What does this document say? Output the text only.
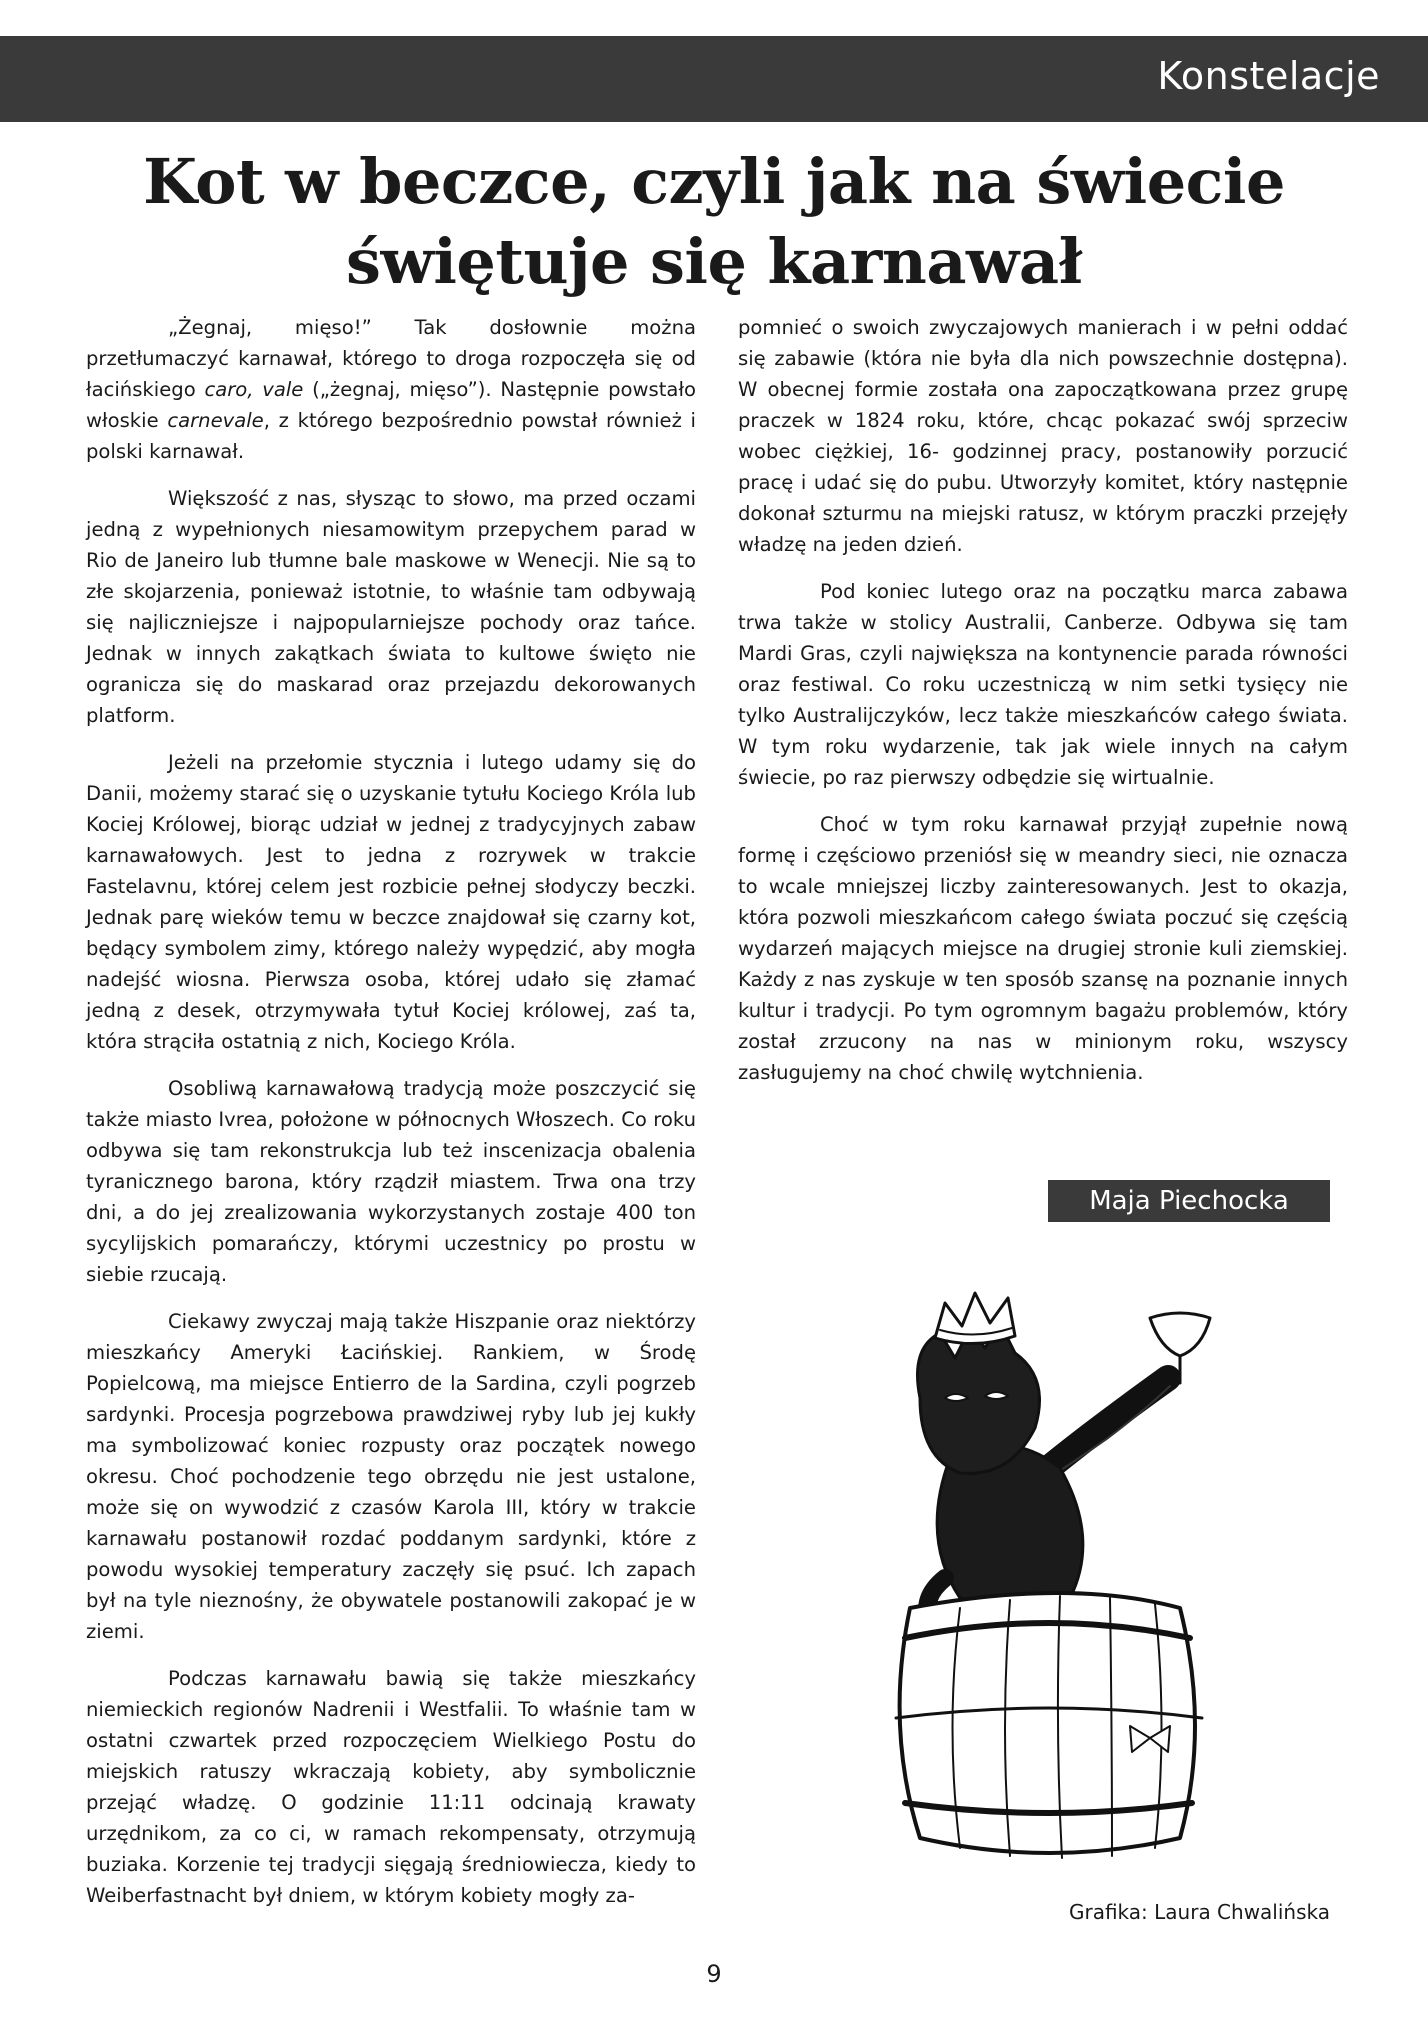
Konstelacje
Kot w beczce, czyli jak na świecie świętuje się karnawał

„Żegnaj, mięso!” Tak dosłownie można przetłumaczyć karnawał, którego to droga rozpoczęła się od łacińskiego caro, vale („żegnaj, mięso”). Następnie powstało włoskie carnevale, z którego bezpośrednio powstał również i polski karnawał.

Większość z nas, słysząc to słowo, ma przed oczami jedną z wypełnionych niesamowitym przepychem parad w Rio de Janeiro lub tłumne bale maskowe w Wenecji. Nie są to złe skojarzenia, ponieważ istotnie, to właśnie tam odbywają się najliczniejsze i najpopularniejsze pochody oraz tańce. Jednak w innych zakątkach świata to kultowe święto nie ogranicza się do maskarad oraz przejazdu dekorowanych platform.

Jeżeli na przełomie stycznia i lutego udamy się do Danii, możemy starać się o uzyskanie tytułu Kociego Króla lub Kociej Królowej, biorąc udział w jednej z tradycyjnych zabaw karnawałowych. Jest to jedna z rozrywek w trakcie Fastelavnu, której celem jest rozbicie pełnej słodyczy beczki. Jednak parę wieków temu w beczce znajdował się czarny kot, będący symbolem zimy, którego należy wypędzić, aby mogła nadejść wiosna. Pierwsza osoba, której udało się złamać jedną z desek, otrzymywała tytuł Kociej królowej, zaś ta, która strąciła ostatnią z nich, Kociego Króla.

Osobliwą karnawałową tradycją może poszczycić się także miasto Ivrea, położone w północnych Włoszech. Co roku odbywa się tam rekonstrukcja lub też inscenizacja obalenia tyranicznego barona, który rządził miastem. Trwa ona trzy dni, a do jej zrealizowania wykorzystanych zostaje 400 ton sycylijskich pomarańczy, którymi uczestnicy po prostu w siebie rzucają.

Ciekawy zwyczaj mają także Hiszpanie oraz niektórzy mieszkańcy Ameryki Łacińskiej. Rankiem, w Środę Popielcową, ma miejsce Entierro de la Sardina, czyli pogrzeb sardynki. Procesja pogrzebowa prawdziwej ryby lub jej kukły ma symbolizować koniec rozpusty oraz początek nowego okresu. Choć pochodzenie tego obrzędu nie jest ustalone, może się on wywodzić z czasów Karola III, który w trakcie karnawału postanowił rozdać poddanym sardynki, które z powodu wysokiej temperatury zaczęły się psuć. Ich zapach był na tyle nieznośny, że obywatele postanowili zakopać je w ziemi.

Podczas karnawału bawią się także mieszkańcy niemieckich regionów Nadrenii i Westfalii. To właśnie tam w ostatni czwartek przed rozpoczęciem Wielkiego Postu do miejskich ratuszy wkraczają kobiety, aby symbolicznie przejąć władzę. O godzinie 11:11 odcinają krawaty urzędnikom, za co ci, w ramach rekompensaty, otrzymują buziaka. Korzenie tej tradycji sięgają średniowiecza, kiedy to Weiberfastnacht był dniem, w którym kobiety mogły za-

pomnieć o swoich zwyczajowych manierach i w pełni oddać się zabawie (która nie była dla nich powszechnie dostępna). W obecnej formie została ona zapoczątkowana przez grupę praczek w 1824 roku, które, chcąc pokazać swój sprzeciw wobec ciężkiej, 16- godzinnej pracy, postanowiły porzucić pracę i udać się do pubu. Utworzyły komitet, który następnie dokonał szturmu na miejski ratusz, w którym praczki przejęły władzę na jeden dzień.

Pod koniec lutego oraz na początku marca zabawa trwa także w stolicy Australii, Canberze. Odbywa się tam Mardi Gras, czyli największa na kontynencie parada równości oraz festiwal. Co roku uczestniczą w nim setki tysięcy nie tylko Australijczyków, lecz także mieszkańców całego świata. W tym roku wydarzenie, tak jak wiele innych na całym świecie, po raz pierwszy odbędzie się wirtualnie.

Choć w tym roku karnawał przyjął zupełnie nową formę i częściowo przeniósł się w meandry sieci, nie oznacza to wcale mniejszej liczby zainteresowanych. Jest to okazja, która pozwoli mieszkańcom całego świata poczuć się częścią wydarzeń mających miejsce na drugiej stronie kuli ziemskiej. Każdy z nas zyskuje w ten sposób szansę na poznanie innych kultur i tradycji. Po tym ogromnym bagażu problemów, który został zrzucony na nas w minionym roku, wszyscy zasługujemy na choć chwilę wytchnienia.

Maja Piechocka
Grafika: Laura Chwalińska
9
